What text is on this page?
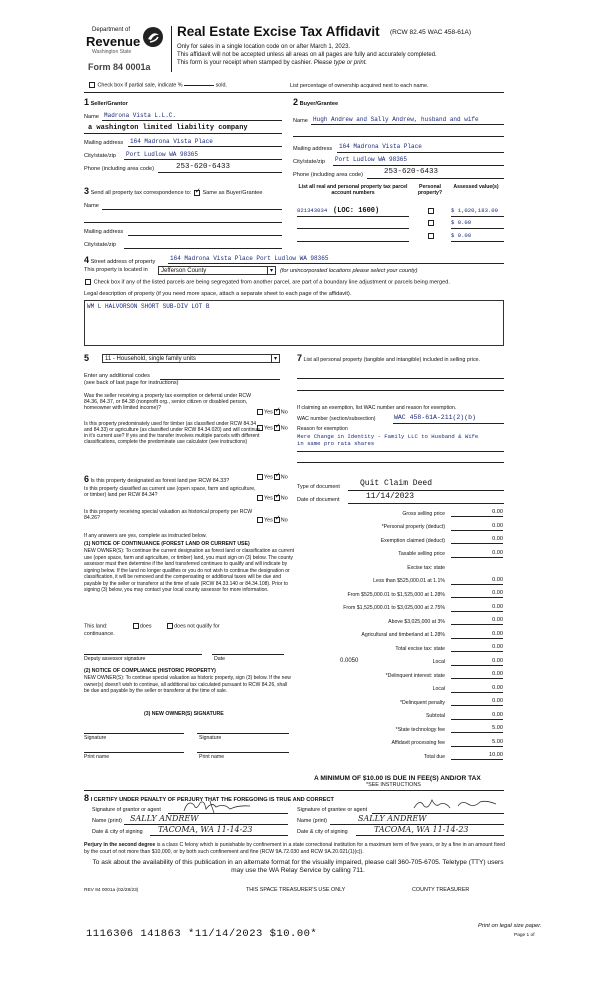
Department of
Revenue
Washington State
Form 84 0001a
Real Estate Excise Tax Affidavit (RCW 82.45 WAC 458-61A)
Only for sales in a single location code on or after March 1, 2023.
This affidavit will not be accepted unless all areas on all pages are fully and accurately completed.
This form is your receipt when stamped by cashier. Please type or print.
Check box if partial sale, indicate %	sold.	List percentage of ownership acquired next to each name.
1 Seller/Grantor
Name Madrona Vista L.L.C.
a washington limited liability company
Mailing address 164 Madrona Vista Place
City/state/zip Port Ludlow WA 98365
Phone (including area code)	253-620-6433
2 Buyer/Grantee
Name Hugh Andrew and Sally Andrew, husband and wife
Mailing address 164 Madrona Vista Place
City/state/zip Port Ludlow WA 98365
Phone (including area code)	253-620-6433
3 Send all property tax correspondence to: ✓ Same as Buyer/Grantee
Name
Mailing address
City/state/zip
List all real and personal property tax parcel account numbers
Personal property?
Assessed value(s)
821343034 (LOC: 1600)	$ 1,020,183.00
$ 0.00
$ 0.00
4 Street address of property 164 Madrona Vista Place Port Ludlow WA 98365
This property is located in	Jefferson County	▾	(for unincorporated locations please select your county)
Check box if any of the listed parcels are being segregated from another parcel, are part of a boundary line adjustment or parcels being merged.
Legal description of property (if you need more space, attach a separate sheet to each page of the affidavit).
WM L HALVORSON SHORT SUB-DIV LOT B
5	11 - Household, single family units	▾
Enter any additional codes
(see back of last page for instructions)
Was the seller receiving a property tax exemption or deferral under RCW 84.36, 84.37, or 84.38 (nonprofit org., senior citizen or disabled person, homeowner with limited income)?
Yes ✓ No
Is this property predominately used for timber (as classified under RCW 84.34 and 84.33) or agriculture (as classified under RCW 84.34.020) and will continue in it's current use? If yes and the transfer involves multiple parcels with different classifications, complete the predominate use calculator (see instructions)
Yes ✓ No
6 Is this property designated as forest land per RCW 84.33?
Yes ✓ No
Is this property classified as current use (open space, farm and agriculture, or timber) land per RCW 84.34?
Yes ✓ No
Is this property receiving special valuation as historical property per RCW 84.26?	Yes ✓ No
If any answers are yes, complete as instructed below.
(1) NOTICE OF CONTINUANCE (FOREST LAND OR CURRENT USE)
NEW OWNER(S): To continue the current designation as forest land or classification as current use (open space, farm and agriculture, or timber) land, you must sign on (3) below. The county assessor must then determine if the land transferred continues to qualify and will indicate by signing below. If the land no longer qualifies or you do not wish to continue the designation or classification, it will be removed and the compensating or additional taxes will be due and payable by the seller or transferor at the time of sale (RCW 84.33.140 or 84.34.108). Prior to signing (3) below, you may contact your local county assessor for more information.
This land:	does	does not qualify for
continuance.
Deputy assessor signature	Date
(2) NOTICE OF COMPLIANCE (HISTORIC PROPERTY)
NEW OWNER(S): To continue special valuation as historic property, sign (3) below. If the new owner(s) doesn't wish to continue, all additional tax calculated pursuant to RCW 84.26, shall be due and payable by the seller or transferor at the time of sale.
(3) NEW OWNER(S) SIGNATURE
Signature	Signature
Print name	Print name
7 List all personal property (tangible and intangible) included in selling price.
If claiming an exemption, list WAC number and reason for exemption.
WAC number (section/subsection)	WAC 458-61A-211(2)(b)
Reason for exemption
Mere Change in Identity - Family LLC to Husband & Wife
in same pro rata shares
Type of document	Quit Claim Deed
Date of document	11/14/2023
Gross selling price	0.00
*Personal property (deduct)	0.00
Exemption claimed (deduct)	0.00
Taxable selling price	0.00
Excise tax: state
Less than $525,000.01 at 1.1%	0.00
From $525,000.01 to $1,525,000 at 1.28%	0.00
From $1,525,000.01 to $3,025,000 at 2.75%	0.00
Above $3,025,000 at 3%	0.00
Agricultural and timberland at 1.28%	0.00
Total excise tax: state	0.00
Local
0.0050	0.00
*Delinquent interest: state	0.00
Local	0.00
*Delinquent penalty	0.00
Subtotal	0.00
*State technology fee	5.00
Affidavit processing fee	5.00
Total due	10.00
A MINIMUM OF $10.00 IS DUE IN FEE(S) AND/OR TAX
*SEE INSTRUCTIONS
8 I CERTIFY UNDER PENALTY OF PERJURY THAT THE FOREGOING IS TRUE AND CORRECT
Signature of grantor or agent
Name (print) SALLY ANDREW
Date & city of signing TACOMA, WA 11-14-23
Signature of grantee or agent
Name (print)	SALLY ANDREW
Date & city of signing	TACOMA, WA 11-14-23
Perjury in the second degree is a class C felony which is punishable by confinement in a state correctional institution for a maximum term of five years, or by a fine in an amount fixed by the court of not more than $10,000, or by both such confinement and fine (RCW 9A.72.030 and RCW 9A.20.021(1)(c)).
To ask about the availability of this publication in an alternate format for the visually impaired, please call 360-705-6705. Teletype (TTY) users may use the WA Relay Service by calling 711.
REV 84 0001a (02/28/23)	THIS SPACE TREASURER'S USE ONLY	COUNTY TREASURER
1116306 141863 *11/14/2023 $10.00*
Print on legal size paper.
Page 1 of
